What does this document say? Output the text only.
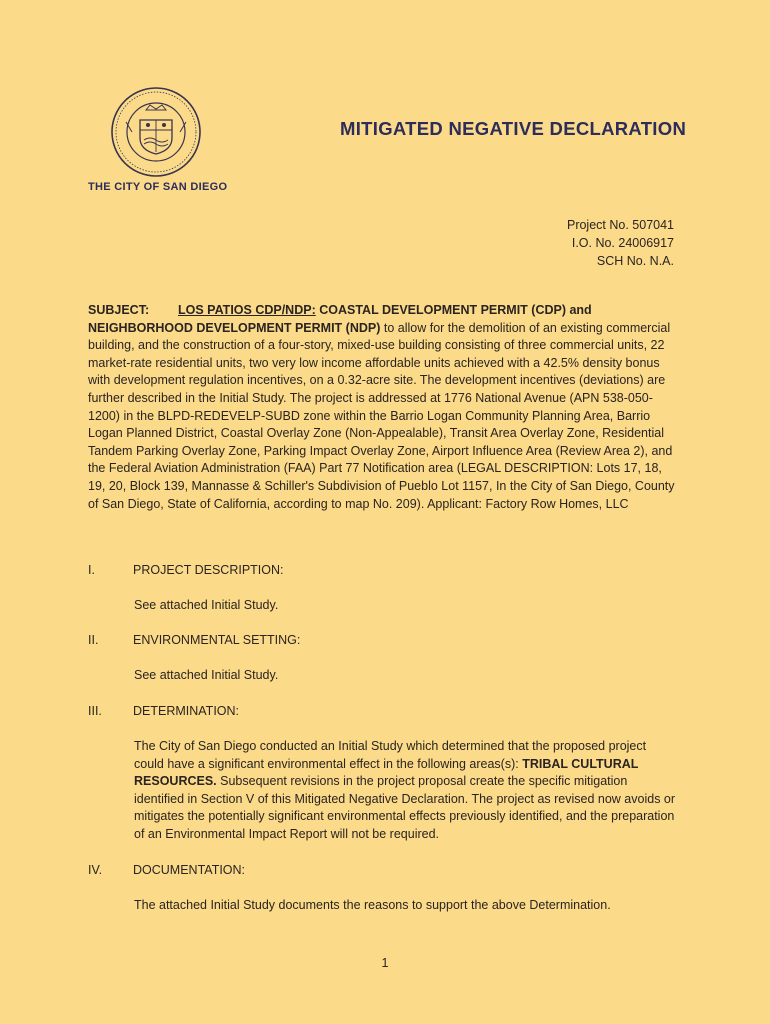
THE CITY OF SAN DIEGO
MITIGATED NEGATIVE DECLARATION
Project No. 507041
I.O. No. 24006917
SCH No. N.A.
SUBJECT: LOS PATIOS CDP/NDP: COASTAL DEVELOPMENT PERMIT (CDP) and NEIGHBORHOOD DEVELOPMENT PERMIT (NDP) to allow for the demolition of an existing commercial building, and the construction of a four-story, mixed-use building consisting of three commercial units, 22 market-rate residential units, two very low income affordable units achieved with a 42.5% density bonus with development regulation incentives, on a 0.32-acre site. The development incentives (deviations) are further described in the Initial Study. The project is addressed at 1776 National Avenue (APN 538-050-1200) in the BLPD-REDEVELP-SUBD zone within the Barrio Logan Community Planning Area, Barrio Logan Planned District, Coastal Overlay Zone (Non-Appealable), Transit Area Overlay Zone, Residential Tandem Parking Overlay Zone, Parking Impact Overlay Zone, Airport Influence Area (Review Area 2), and the Federal Aviation Administration (FAA) Part 77 Notification area (LEGAL DESCRIPTION: Lots 17, 18, 19, 20, Block 139, Mannasse & Schiller's Subdivision of Pueblo Lot 1157, In the City of San Diego, County of San Diego, State of California, according to map No. 209). Applicant: Factory Row Homes, LLC
I.	PROJECT DESCRIPTION:
See attached Initial Study.
II.	ENVIRONMENTAL SETTING:
See attached Initial Study.
III. DETERMINATION:
The City of San Diego conducted an Initial Study which determined that the proposed project could have a significant environmental effect in the following areas(s): TRIBAL CULTURAL RESOURCES. Subsequent revisions in the project proposal create the specific mitigation identified in Section V of this Mitigated Negative Declaration. The project as revised now avoids or mitigates the potentially significant environmental effects previously identified, and the preparation of an Environmental Impact Report will not be required.
IV. DOCUMENTATION:
The attached Initial Study documents the reasons to support the above Determination.
1
